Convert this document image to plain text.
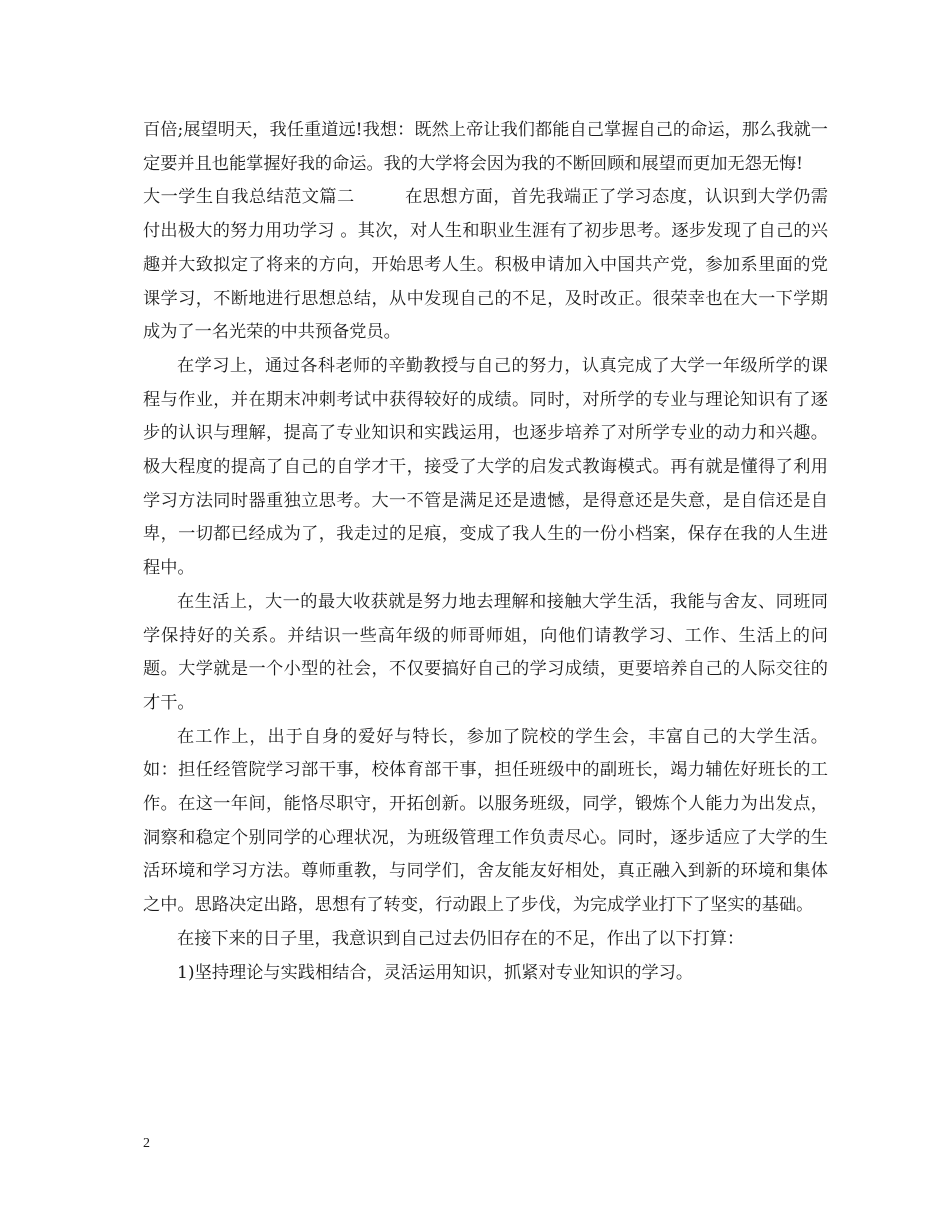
百倍;展望明天，我任重道远!我想：既然上帝让我们都能自己掌握自己的命运，那么我就一定要并且也能掌握好我的命运。我的大学将会因为我的不断回顾和展望而更加无怨无悔!

大一学生自我总结范文篇二	在思想方面，首先我端正了学习态度，认识到大学仍需付出极大的努力用功学习 。其次，对人生和职业生涯有了初步思考。逐步发现了自己的兴趣并大致拟定了将来的方向，开始思考人生。积极申请加入中国共产党，参加系里面的党课学习，不断地进行思想总结，从中发现自己的不足，及时改正。很荣幸也在大一下学期成为了一名光荣的中共预备党员。

在学习上，通过各科老师的辛勤教授与自己的努力，认真完成了大学一年级所学的课程与作业，并在期末冲刺考试中获得较好的成绩。同时，对所学的专业与理论知识有了逐步的认识与理解，提高了专业知识和实践运用，也逐步培养了对所学专业的动力和兴趣。极大程度的提高了自己的自学才干，接受了大学的启发式教诲模式。再有就是懂得了利用学习方法同时器重独立思考。大一不管是满足还是遗憾，是得意还是失意，是自信还是自卑，一切都已经成为了，我走过的足痕，变成了我人生的一份小档案，保存在我的人生进程中。

在生活上，大一的最大收获就是努力地去理解和接触大学生活，我能与舍友、同班同学保持好的关系。并结识一些高年级的师哥师姐，向他们请教学习、工作、生活上的问题。大学就是一个小型的社会，不仅要搞好自己的学习成绩，更要培养自己的人际交往的才干。

在工作上，出于自身的爱好与特长，参加了院校的学生会，丰富自己的大学生活。如：担任经管院学习部干事，校体育部干事，担任班级中的副班长，竭力辅佐好班长的工作。在这一年间，能恪尽职守，开拓创新。以服务班级，同学，锻炼个人能力为出发点，洞察和稳定个别同学的心理状况，为班级管理工作负责尽心。同时，逐步适应了大学的生活环境和学习方法。尊师重教，与同学们，舍友能友好相处，真正融入到新的环境和集体之中。思路决定出路，思想有了转变，行动跟上了步伐，为完成学业打下了坚实的基础。

在接下来的日子里，我意识到自己过去仍旧存在的不足，作出了以下打算：

1)坚持理论与实践相结合，灵活运用知识，抓紧对专业知识的学习。

2
